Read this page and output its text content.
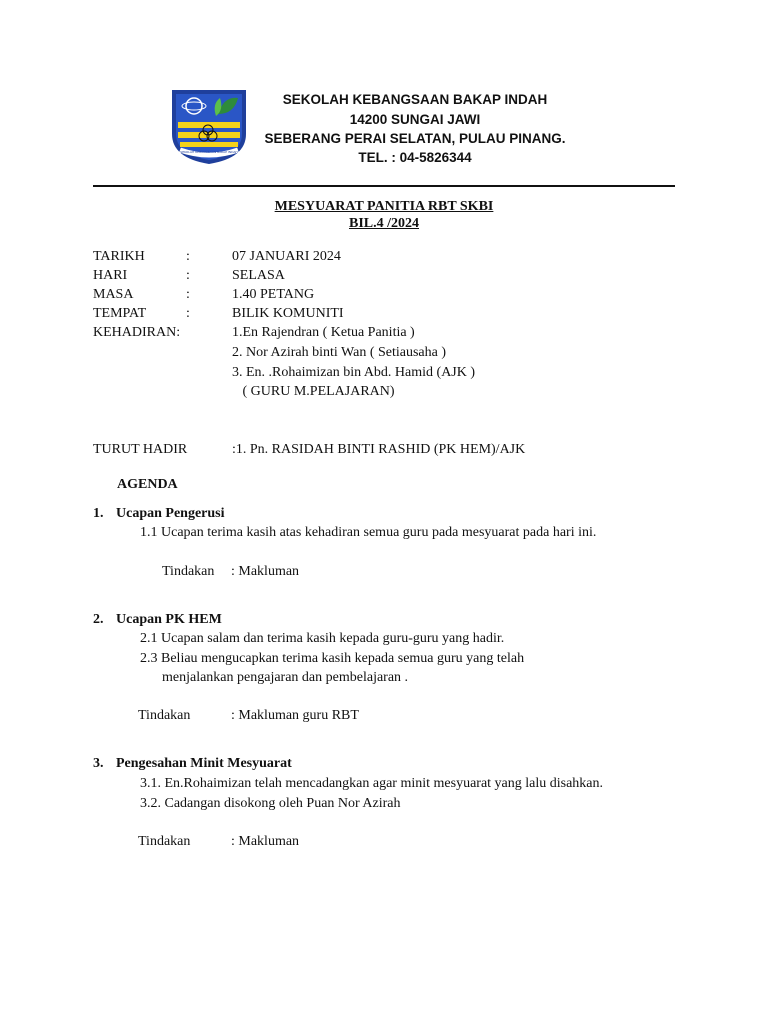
SEKOLAH KEBANGSAAN BAKAP INDAH
SEKOLAH KEBANGSAAN BAKAP INDAH
14200 SUNGAI JAWI
SEBERANG PERAI SELATAN, PULAU PINANG.
TEL. : 04-5826344
MESYUARAT PANITIA RBT SKBI
BIL.4 /2024
TARIKH	:	07 JANUARI 2024
HARI	:	SELASA
MASA	:	1.40 PETANG
TEMPAT	:	BILIK KOMUNITI
KEHADIRAN:	1.En Rajendran ( Ketua Panitia )
2. Nor Azirah binti Wan ( Setiausaha )
3. En. .Rohaimizan bin Abd. Hamid (AJK )
( GURU M.PELAJARAN)
TURUT HADIR	:1. Pn. RASIDAH BINTI RASHID (PK HEM)/AJK
AGENDA
1. Ucapan Pengerusi
1.1 Ucapan terima kasih atas kehadiran semua guru pada mesyuarat pada hari ini.
Tindakan : Makluman
2. Ucapan PK HEM
2.1 Ucapan salam dan terima kasih kepada guru-guru yang hadir.
2.3 Beliau mengucapkan terima kasih kepada semua guru yang telah
menjalankan pengajaran dan pembelajaran .
Tindakan	: Makluman guru RBT
3. Pengesahan Minit Mesyuarat
3.1. En.Rohaimizan telah mencadangkan agar minit mesyuarat yang lalu disahkan.
3.2. Cadangan disokong oleh Puan Nor Azirah
Tindakan	: Makluman
